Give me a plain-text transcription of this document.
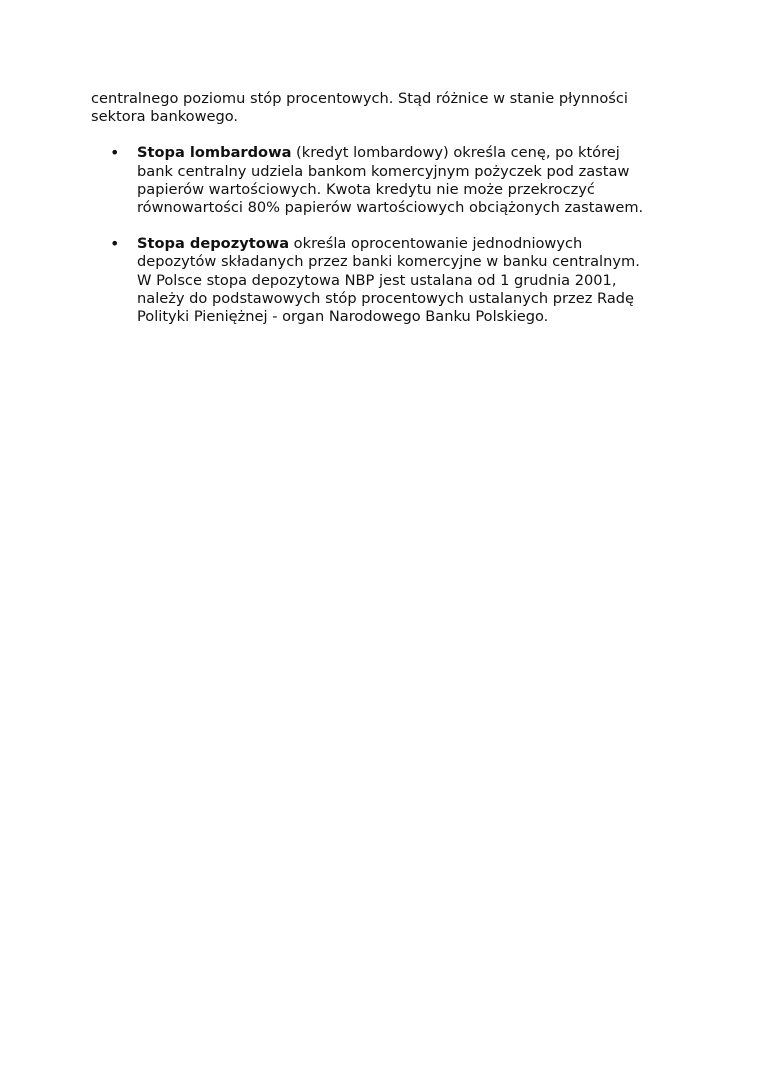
centralnego poziomu stóp procentowych. Stąd różnice w stanie płynności
sektora bankowego.

• Stopa lombardowa (kredyt lombardowy) określa cenę, po której
bank centralny udziela bankom komercyjnym pożyczek pod zastaw
papierów wartościowych. Kwota kredytu nie może przekroczyć
równowartości 80% papierów wartościowych obciążonych zastawem.
• Stopa depozytowa określa oprocentowanie jednodniowych
depozytów składanych przez banki komercyjne w banku centralnym.
W Polsce stopa depozytowa NBP jest ustalana od 1 grudnia 2001,
należy do podstawowych stóp procentowych ustalanych przez Radę
Polityki Pieniężnej - organ Narodowego Banku Polskiego.
